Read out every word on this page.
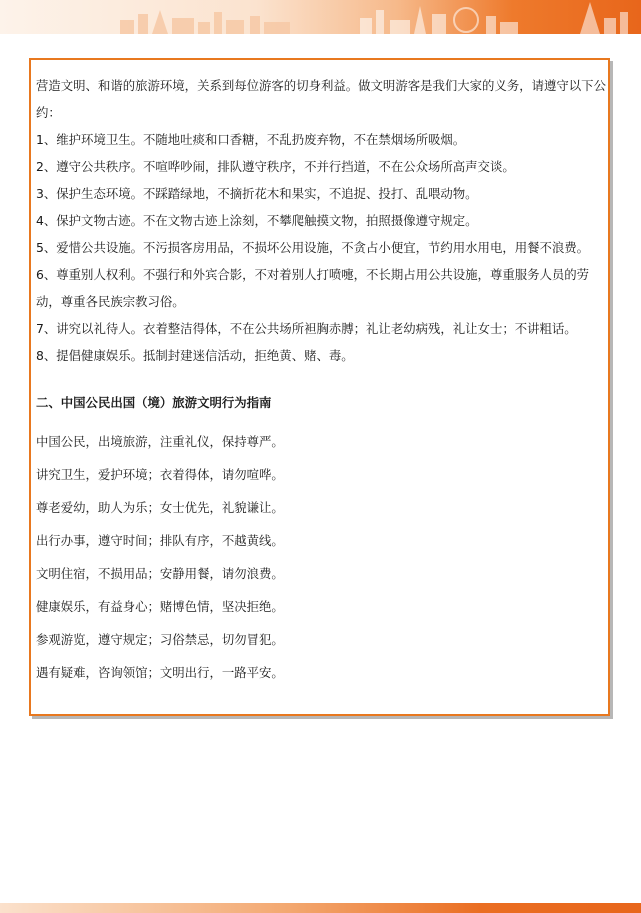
营造文明、和谐的旅游环境，关系到每位游客的切身利益。做文明游客是我们大家的义务，请遵守以下公约：

1、维护环境卫生。不随地吐痰和口香糖，不乱扔废弃物，不在禁烟场所吸烟。

2、遵守公共秩序。不喧哗吵闹，排队遵守秩序，不并行挡道，不在公众场所高声交谈。

3、保护生态环境。不踩踏绿地，不摘折花木和果实，不追捉、投打、乱喂动物。

4、保护文物古迹。不在文物古迹上涂刻，不攀爬触摸文物，拍照摄像遵守规定。

5、爱惜公共设施。不污损客房用品，不损坏公用设施，不贪占小便宜，节约用水用电，用餐不浪费。

6、尊重别人权利。不强行和外宾合影，不对着别人打喷嚏，不长期占用公共设施，尊重服务人员的劳动，尊重各民族宗教习俗。

7、讲究以礼待人。衣着整洁得体，不在公共场所袒胸赤膊；礼让老幼病残，礼让女士；不讲粗话。

8、提倡健康娱乐。抵制封建迷信活动，拒绝黄、赌、毒。

二、中国公民出国（境）旅游文明行为指南

中国公民，出境旅游，注重礼仪，保持尊严。

讲究卫生，爱护环境；衣着得体，请勿喧哗。

尊老爱幼，助人为乐；女士优先，礼貌谦让。

出行办事，遵守时间；排队有序，不越黄线。

文明住宿，不损用品；安静用餐，请勿浪费。

健康娱乐，有益身心；赌博色情，坚决拒绝。

参观游览，遵守规定；习俗禁忌，切勿冒犯。

遇有疑难，咨询领馆；文明出行，一路平安。
